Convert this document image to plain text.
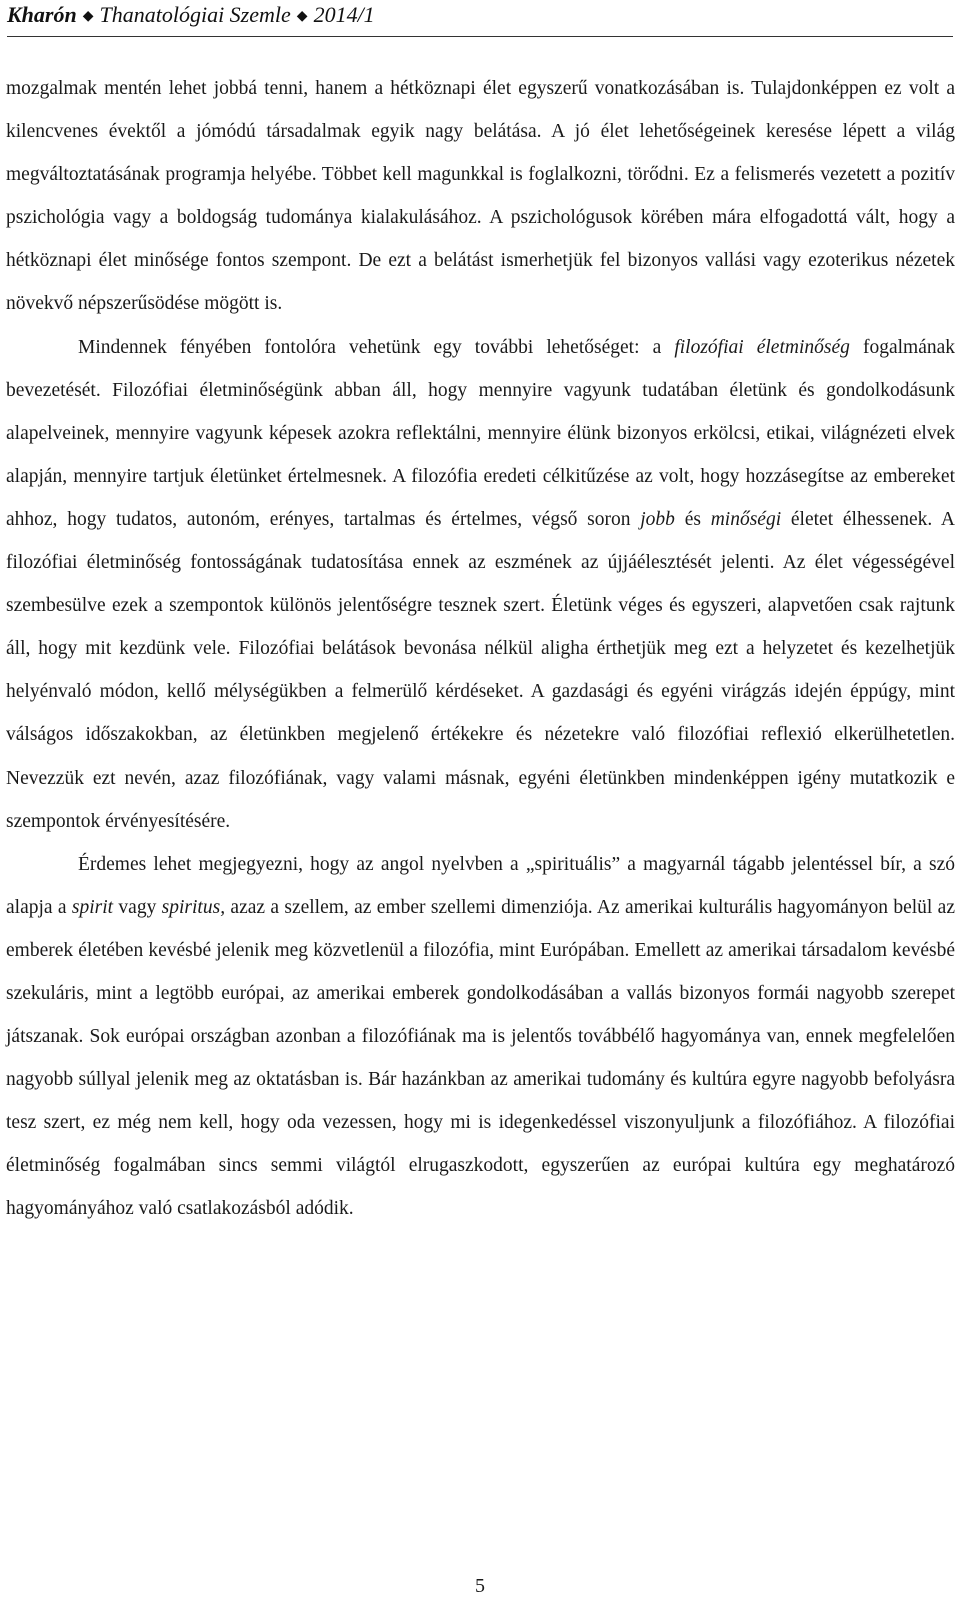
Kharón ◆ Thanatológiai Szemle ◆ 2014/1

mozgalmak mentén lehet jobbá tenni, hanem a hétköznapi élet egyszerű vonatkozásában is. Tulajdonképpen ez volt a kilencvenes évektől a jómódú társadalmak egyik nagy belátása. A jó élet lehetőségeinek keresése lépett a világ megváltoztatásának programja helyébe. Többet kell magunkkal is foglalkozni, törődni. Ez a felismerés vezetett a pozitív pszichológia vagy a boldogság tudománya kialakulásához. A pszichológusok körében mára elfogadottá vált, hogy a hétköznapi élet minősége fontos szempont. De ezt a belátást ismerhetjük fel bizonyos vallási vagy ezoterikus nézetek növekvő népszerűsödése mögött is.

Mindennek fényében fontolóra vehetünk egy további lehetőséget: a filozófiai életminőség fogalmának bevezetését. Filozófiai életminőségünk abban áll, hogy mennyire vagyunk tudatában életünk és gondolkodásunk alapelveinek, mennyire vagyunk képesek azokra reflektálni, mennyire élünk bizonyos erkölcsi, etikai, világnézeti elvek alapján, mennyire tartjuk életünket értelmesnek. A filozófia eredeti célkitűzése az volt, hogy hozzásegítse az embereket ahhoz, hogy tudatos, autonóm, erényes, tartalmas és értelmes, végső soron jobb és minőségi életet élhessenek. A filozófiai életminőség fontosságának tudatosítása ennek az eszmének az újjáélesztését jelenti. Az élet végességével szembesülve ezek a szempontok különös jelentőségre tesznek szert. Életünk véges és egyszeri, alapvetően csak rajtunk áll, hogy mit kezdünk vele. Filozófiai belátások bevonása nélkül aligha érthetjük meg ezt a helyzetet és kezelhetjük helyénvaló módon, kellő mélységükben a felmerülő kérdéseket. A gazdasági és egyéni virágzás idején éppúgy, mint válságos időszakokban, az életünkben megjelenő értékekre és nézetekre való filozófiai reflexió elkerülhetetlen. Nevezzük ezt nevén, azaz filozófiának, vagy valami másnak, egyéni életünkben mindenképpen igény mutatkozik e szempontok érvényesítésére.

Érdemes lehet megjegyezni, hogy az angol nyelvben a „spirituális” a magyarnál tágabb jelentéssel bír, a szó alapja a spirit vagy spiritus, azaz a szellem, az ember szellemi dimenziója. Az amerikai kulturális hagyományon belül az emberek életében kevésbé jelenik meg közvetlenül a filozófia, mint Európában. Emellett az amerikai társadalom kevésbé szekuláris, mint a legtöbb európai, az amerikai emberek gondolkodásában a vallás bizonyos formái nagyobb szerepet játszanak. Sok európai országban azonban a filozófiának ma is jelentős továbbélő hagyománya van, ennek megfelelően nagyobb súllyal jelenik meg az oktatásban is. Bár hazánkban az amerikai tudomány és kultúra egyre nagyobb befolyásra tesz szert, ez még nem kell, hogy oda vezessen, hogy mi is idegenkedéssel viszonyuljunk a filozófiához. A filozófiai életminőség fogalmában sincs semmi világtól elrugaszkodott, egyszerűen az európai kultúra egy meghatározó hagyományához való csatlakozásból adódik.

5
